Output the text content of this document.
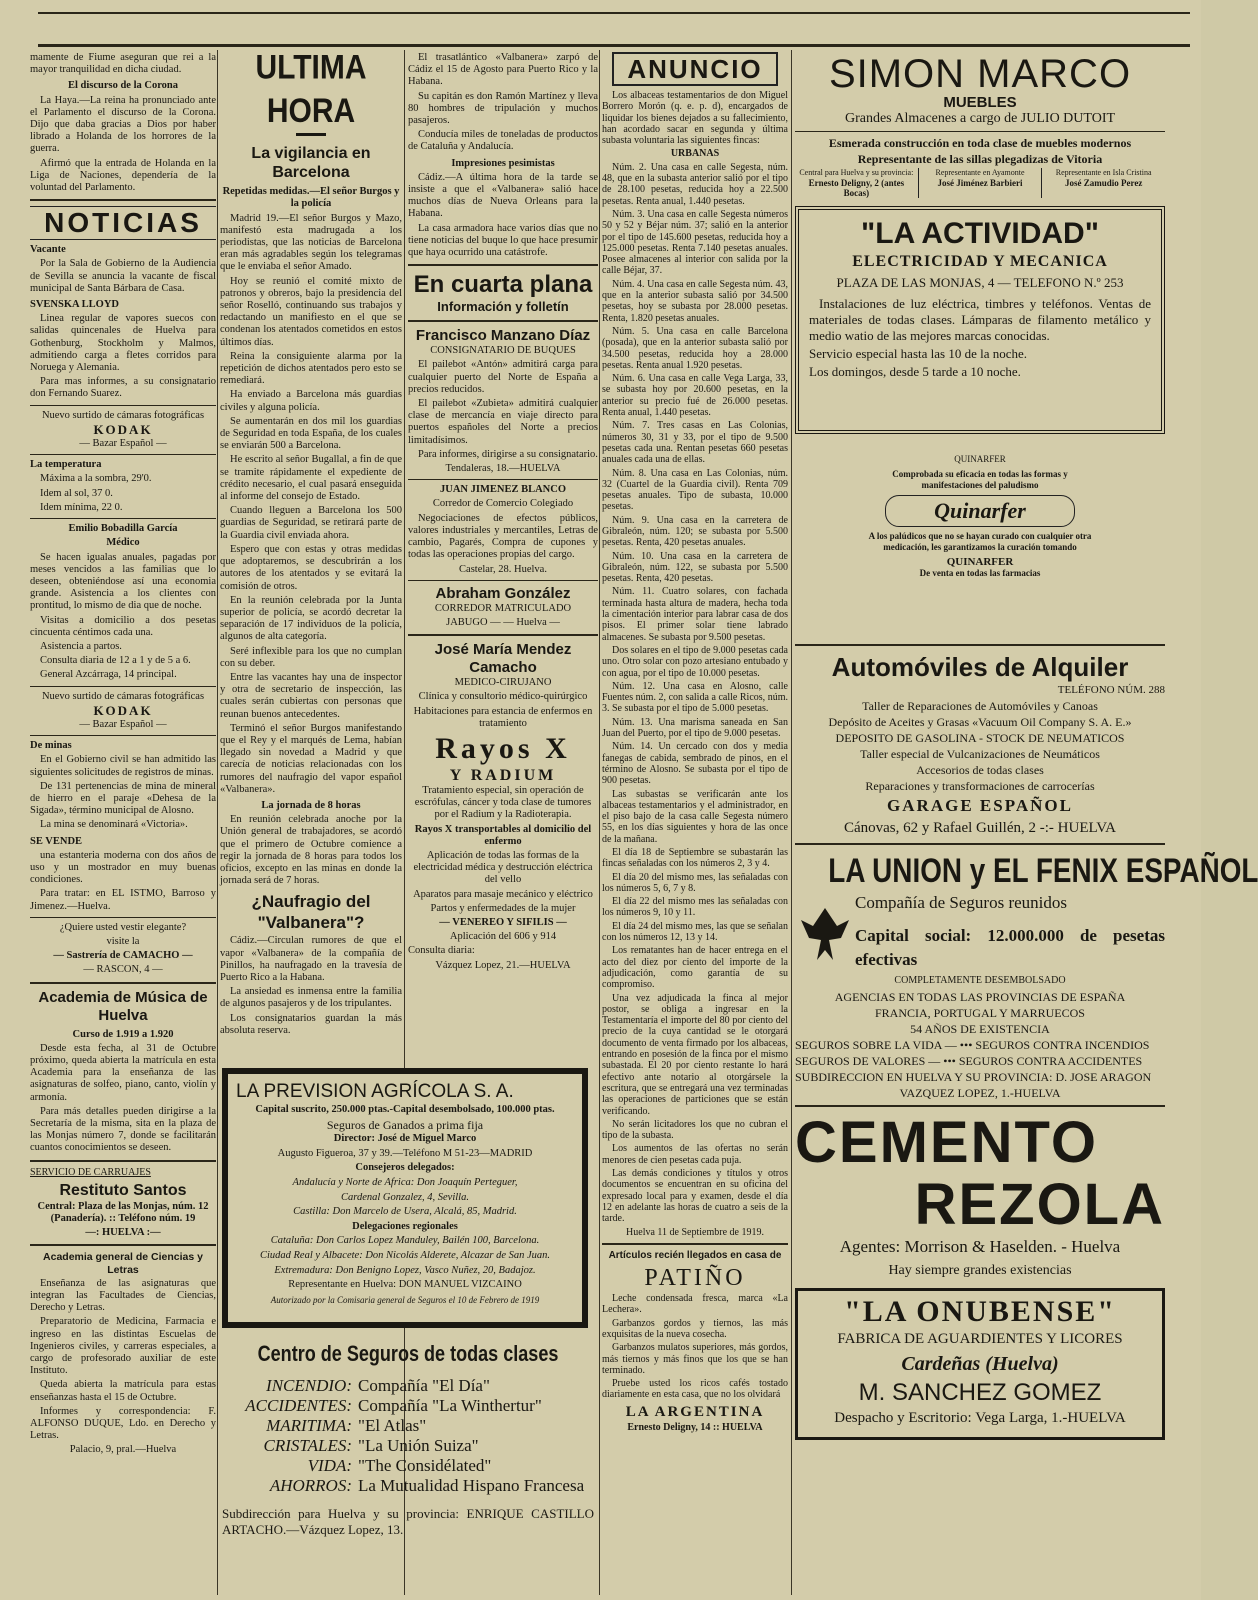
mamente de Fiume aseguran que rei a la mayor tranquilidad en dicha ciudad.

El discurso de la Corona

La Haya.—La reina ha pronunciado ante el Parlamento el discurso de la Corona. Dijo que daba gracias a Dios por haber librado a Holanda de los horrores de la guerra.

Afirmó que la entrada de Holanda en la Liga de Naciones, dependería de la voluntad del Parlamento.

NOTICIAS

Vacante

Por la Sala de Gobierno de la Audiencia de Sevilla se anuncia la vacante de fiscal municipal de Santa Bárbara de Casa.

SVENSKA LLOYD

Linea regular de vapores suecos con salidas quincenales de Huelva para Gothenburg, Stockholm y Malmos, admitiendo carga a fletes corridos para Noruega y Alemania.

Para mas informes, a su consignatario don Fernando Suarez.

Nuevo surtido de cámaras fotográficas

KODAK

— Bazar Español —

La temperatura

Máxima a la sombra, 29'0.

Idem al sol, 37 0.

Idem mínima, 22 0.

Emilio Bobadilla García

Médico

Se hacen igualas anuales, pagadas por meses vencidos a las familias que lo deseen, obteniéndose así una economia grande. Asistencia a los clientes con prontitud, lo mismo de dia que de noche.

Visitas a domicilio a dos pesetas cincuenta céntimos cada una.

Asistencia a partos.

Consulta diaria de 12 a 1 y de 5 a 6.

General Azcárraga, 14 principal.

Nuevo surtido de cámaras fotográficas

KODAK

— Bazar Español —

De minas

En el Gobierno civil se han admitido las siguientes solicitudes de registros de minas.

De 131 pertenencias de mina de mineral de hierro en el paraje «Dehesa de la Sigada», término municipal de Alosno.

La mina se denominará «Victoria».

SE VENDE

una estanteria moderna con dos años de uso y un mostrador en muy buenas condiciones.

Para tratar: en EL ISTMO, Barroso y Jimenez.—Huelva.

¿Quiere usted vestir elegante?

visite la

— Sastrería de CAMACHO —

— RASCON, 4 —

Academia de Música de Huelva

Curso de 1.919 a 1.920

Desde esta fecha, al 31 de Octubre próximo, queda abierta la matrícula en esta Academia para la enseñanza de las asignaturas de solfeo, piano, canto, violín y armonía.

Para más detalles pueden dirigirse a la Secretaría de la misma, sita en la plaza de las Monjas número 7, donde se facilitarán cuantos conocimientos se deseen.

SERVICIO DE CARRUAJES

Restituto Santos

Central: Plaza de las Monjas, núm. 12 (Panadería). :: Teléfono núm. 19

—: HUELVA :—

Academia general de Ciencias y Letras

Enseñanza de las asignaturas que integran las Facultades de Ciencias, Derecho y Letras.

Preparatorio de Medicina, Farmacia e ingreso en las distintas Escuelas de Ingenieros civiles, y carreras especiales, a cargo de profesorado auxiliar de este Instituto.

Queda abierta la matrícula para estas enseñanzas hasta el 15 de Octubre.

Informes y correspondencia: F. ALFONSO DUQUE, Ldo. en Derecho y Letras.

Palacio, 9, pral.—Huelva

ULTIMA HORA
▬▬▬

La vigilancia en Barcelona

Repetidas medidas.—El señor Burgos y la policía

Madrid 19.—El señor Burgos y Mazo, manifestó esta madrugada a los periodistas, que las noticias de Barcelona eran más agradables según los telegramas que le enviaba el señor Amado.

Hoy se reunió el comité mixto de patronos y obreros, bajo la presidencia del señor Roselló, continuando sus trabajos y redactando un manifiesto en el que se condenan los atentados cometidos en estos últimos días.

Reina la consiguiente alarma por la repetición de dichos atentados pero esto se remediará.

Ha enviado a Barcelona más guardias civiles y alguna policía.

Se aumentarán en dos mil los guardias de Seguridad en toda España, de los cuales se enviarán 500 a Barcelona.

He escrito al señor Bugallal, a fin de que se tramite rápidamente el expediente de crédito necesario, el cual pasará enseguida al informe del consejo de Estado.

Cuando lleguen a Barcelona los 500 guardias de Seguridad, se retirará parte de la Guardia civil enviada ahora.

Espero que con estas y otras medidas que adoptaremos, se descubrirán a los autores de los atentados y se evitará la comisión de otros.

En la reunión celebrada por la Junta superior de policía, se acordó decretar la separación de 17 individuos de la policía, algunos de alta categoría.

Seré inflexible para los que no cumplan con su deber.

Entre las vacantes hay una de inspector y otra de secretario de inspección, las cuales serán cubiertas con personas que reunan buenos antecedentes.

Terminó el señor Burgos manifestando que el Rey y el marqués de Lema, habían llegado sin novedad a Madrid y que carecía de noticias relacionadas con los rumores del naufragio del vapor español «Valbanera».

La jornada de 8 horas

En reunión celebrada anoche por la Unión general de trabajadores, se acordó que el primero de Octubre comience a regir la jornada de 8 horas para todos los oficios, excepto en las minas en donde la jornada será de 7 horas.

¿Naufragio del "Valbanera"?

Cádiz.—Circulan rumores de que el vapor «Valbanera» de la compañía de Pinillos, ha naufragado en la travesía de Puerto Rico a la Habana.

La ansiedad es inmensa entre la familia de algunos pasajeros y de los tripulantes.

Los consignatarios guardan la más absoluta reserva.

El trasatlántico «Valbanera» zarpó de Cádiz el 15 de Agosto para Puerto Rico y la Habana.

Su capitán es don Ramón Martínez y lleva 80 hombres de tripulación y muchos pasajeros.

Conducía miles de toneladas de productos de Cataluña y Andalucía.

Impresiones pesimistas

Cádiz.—A última hora de la tarde se insiste a que el «Valbanera» salió hace muchos días de Nueva Orleans para la Habana.

La casa armadora hace varios días que no tiene noticias del buque lo que hace presumir que haya ocurrido una catástrofe.

En cuarta plana
Información y folletín
Francisco Manzano Díaz

CONSIGNATARIO DE BUQUES

El pailebot «Antón» admitirá carga para cualquier puerto del Norte de España a precios reducidos.

El pailebot «Zubieta» admitirá cualquier clase de mercancía en viaje directo para puertos españoles del Norte a precios limitadísimos.

Para informes, dirigirse a su consignatario.

Tendaleras, 18.—HUELVA

JUAN JIMENEZ BLANCO

Corredor de Comercio Colegiado

Negociaciones de efectos públicos, valores industriales y mercantiles, Letras de cambio, Pagarés, Compra de cupones y todas las operaciones propias del cargo.

Castelar, 28. Huelva.

Abraham González

CORREDOR MATRICULADO

JABUGO — — Huelva —

José María Mendez Camacho

MEDICO-CIRUJANO

Clínica y consultorio médico-quirúrgico

Habitaciones para estancia de enfermos en tratamiento

Rayos X
Y RADIUM

Tratamiento especial, sin operación de escrófulas, cáncer y toda clase de tumores por el Radium y la Radioterapia.

Rayos X transportables al domicilio del enfermo

Aplicación de todas las formas de la electricidad médica y destrucción eléctrica del vello

Aparatos para masaje mecánico y eléctrico

Partos y enfermedades de la mujer

— VENEREO Y SIFILIS —

Aplicación del 606 y 914

Consulta diaria:

Vázquez Lopez, 21.—HUELVA

LA PREVISION AGRÍCOLA S. A.

Capital suscrito, 250.000 ptas.-Capital desembolsado, 100.000 ptas.

Seguros de Ganados a prima fija

Director: José de Miguel Marco

Augusto Figueroa, 37 y 39.—Teléfono M 51-23—MADRID

Consejeros delegados:

Andalucía y Norte de Africa: Don Joaquín Perteguer,

Cardenal Gonzalez, 4, Sevilla.

Castilla: Don Marcelo de Usera, Alcalá, 85, Madrid.

Delegaciones regionales

Cataluña: Don Carlos Lopez Manduley, Bailén 100, Barcelona.

Ciudad Real y Albacete: Don Nicolás Alderete, Alcazar de San Juan.

Extremadura: Don Benigno Lopez, Vasco Nuñez, 20, Badajoz.

Representante en Huelva: DON MANUEL VIZCAINO

Autorizado por la Comisaria general de Seguros el 10 de Febrero de 1919

Centro de Seguros de todas clases
INCENDIO: Compañía "El Día"
ACCIDENTES: Compañía "La Winthertur"
MARITIMA: "El Atlas"
CRISTALES: "La Unión Suiza"
VIDA: "The Considélated"
AHORROS: La Mutualidad Hispano Francesa

Subdirección para Huelva y su provincia: ENRIQUE CASTILLO ARTACHO.—Vázquez Lopez, 13.

ANUNCIO

Los albaceas testamentarios de don Miguel Borrero Morón (q. e. p. d), encargados de liquidar los bienes dejados a su fallecimiento, han acordado sacar en segunda y última subasta voluntaria las siguientes fincas:

URBANAS

Núm. 2. Una casa en calle Segesta, núm. 48, que en la subasta anterior salió por el tipo de 28.100 pesetas, reducida hoy a 22.500 pesetas. Renta anual, 1.440 pesetas.

Núm. 3. Una casa en calle Segesta números 50 y 52 y Béjar núm. 37; salió en la anterior por el tipo de 145.600 pesetas, reducida hoy a 125.000 pesetas. Renta 7.140 pesetas anuales. Posee almacenes al interior con salida por la calle Béjar, 37.

Núm. 4. Una casa en calle Segesta núm. 43, que en la anterior subasta salió por 34.500 pesetas, hoy se subasta por 28.000 pesetas. Renta, 1.820 pesetas anuales.

Núm. 5. Una casa en calle Barcelona (posada), que en la anterior subasta salió por 34.500 pesetas, reducida hoy a 28.000 pesetas. Renta anual 1.920 pesetas.

Núm. 6. Una casa en calle Vega Larga, 33, se subasta hoy por 20.600 pesetas, en la anterior su precio fué de 26.000 pesetas. Renta anual, 1.440 pesetas.

Núm. 7. Tres casas en Las Colonias, números 30, 31 y 33, por el tipo de 9.500 pesetas cada una. Rentan pesetas 660 pesetas anuales cada una de ellas.

Núm. 8. Una casa en Las Colonias, núm. 32 (Cuartel de la Guardia civil). Renta 709 pesetas anuales. Tipo de subasta, 10.000 pesetas.

Núm. 9. Una casa en la carretera de Gibraleón, núm. 120; se subasta por 5.500 pesetas. Renta, 420 pesetas anuales.

Núm. 10. Una casa en la carretera de Gibraleón, núm. 122, se subasta por 5.500 pesetas. Renta, 420 pesetas.

Núm. 11. Cuatro solares, con fachada terminada hasta altura de madera, hecha toda la cimentación interior para labrar casa de dos pisos. El primer solar tiene labrado almacenes. Se subasta por 9.500 pesetas.

Dos solares en el tipo de 9.000 pesetas cada uno. Otro solar con pozo artesiano entubado y con agua, por el tipo de 10.000 pesetas.

Núm. 12. Una casa en Alosno, calle Fuentes núm. 2, con salida a calle Ricos, núm. 3. Se subasta por el tipo de 5.000 pesetas.

Núm. 13. Una marisma saneada en San Juan del Puerto, por el tipo de 9.000 pesetas.

Núm. 14. Un cercado con dos y media fanegas de cabida, sembrado de pinos, en el término de Alosno. Se subasta por el tipo de 900 pesetas.

Las subastas se verificarán ante los albaceas testamentarios y el administrador, en el piso bajo de la casa calle Segesta número 55, en los días siguientes y hora de las once de la mañana.

El día 18 de Septiembre se subastarán las fincas señaladas con los números 2, 3 y 4.

El día 20 del mismo mes, las señaladas con los números 5, 6, 7 y 8.

El día 22 del mismo mes las señaladas con los números 9, 10 y 11.

El día 24 del mismo mes, las que se señalan con los números 12, 13 y 14.

Los rematantes han de hacer entrega en el acto del diez por ciento del importe de la adjudicación, como garantía de su compromiso.

Una vez adjudicada la finca al mejor postor, se obliga a ingresar en la Testamentaría el importe del 80 por ciento del precio de la cuya cantidad se le otorgará documento de venta firmado por los albaceas, entrando en posesión de la finca por el mismo subastada. El 20 por ciento restante lo hará efectivo ante notario al otorgársele la escritura, que se entregará una vez terminadas las operaciones de particiones que se están verificando.

No serán licitadores los que no cubran el tipo de la subasta.

Los aumentos de las ofertas no serán menores de cien pesetas cada puja.

Las demás condiciones y títulos y otros documentos se encuentran en su oficina del expresado local para y examen, desde el día 12 en adelante las horas de cuatro a seis de la tarde.

Huelva 11 de Septiembre de 1919.

Artículos recién llegados en casa de

PATIÑO

Leche condensada fresca, marca «La Lechera».

Garbanzos gordos y tiernos, las más exquisitas de la nueva cosecha.

Garbanzos mulatos superiores, más gordos, más tiernos y más finos que los que se han terminado.

Pruebe usted los ricos cafés tostado diariamente en esta casa, que no los olvidará

LA ARGENTINA

Ernesto Deligny, 14 :: HUELVA

SIMON MARCO MUEBLES

Grandes Almacenes a cargo de JULIO DUTOIT

Esmerada construcción en toda clase de muebles modernos

Representante de las sillas plegadizas de Vitoria

Central para Huelva y su provincia:
Ernesto Deligny, 2 (antes Bocas)
Representante en Ayamonte
José Jiménez Barbieri
Representante en Isla Cristina
José Zamudio Perez
"LA ACTIVIDAD"

ELECTRICIDAD Y MECANICA

PLAZA DE LAS MONJAS, 4 — TELEFONO N.º 253

Instalaciones de luz eléctrica, timbres y teléfonos. Ventas de materiales de todas clases. Lámparas de filamento metálico y medio watio de las mejores marcas conocidas.

Servicio especial hasta las 10 de la noche.

Los domingos, desde 5 tarde a 10 noche.

QUINARFER
Comprobada su eficacia en todas las formas y manifestaciones del paludismo
Quinarfer
A los palúdicos que no se hayan curado con cualquier otra medicación, les garantizamos la curación tomando
QUINARFER
De venta en todas las farmacias
Automóviles de Alquiler

TELÉFONO NÚM. 288

Taller de Reparaciones de Automóviles y Canoas

Depósito de Aceites y Grasas «Vacuum Oil Company S. A. E.»

DEPOSITO DE GASOLINA - STOCK DE NEUMATICOS

Taller especial de Vulcanizaciones de Neumáticos

Accesorios de todas clases

Reparaciones y transformaciones de carrocerías

GARAGE ESPAÑOL

Cánovas, 62 y Rafael Guillén, 2 -:- HUELVA

LA UNION y EL FENIX ESPAÑOL

Compañía de Seguros reunidos

Capital social: 12.000.000 de pesetas efectivas

COMPLETAMENTE DESEMBOLSADO

AGENCIAS EN TODAS LAS PROVINCIAS DE ESPAÑA

FRANCIA, PORTUGAL Y MARRUECOS

54 AÑOS DE EXISTENCIA

SEGUROS SOBRE LA VIDA — ••• SEGUROS CONTRA INCENDIOS

SEGUROS DE VALORES — ••• SEGUROS CONTRA ACCIDENTES

SUBDIRECCION EN HUELVA Y SU PROVINCIA: D. JOSE ARAGON

VAZQUEZ LOPEZ, 1.-HUELVA

CEMENTO
REZOLA

Agentes: Morrison & Haselden. - Huelva

Hay siempre grandes existencias

"LA ONUBENSE"

FABRICA DE AGUARDIENTES Y LICORES

Cardeñas (Huelva)

M. SANCHEZ GOMEZ

Despacho y Escritorio: Vega Larga, 1.-HUELVA
